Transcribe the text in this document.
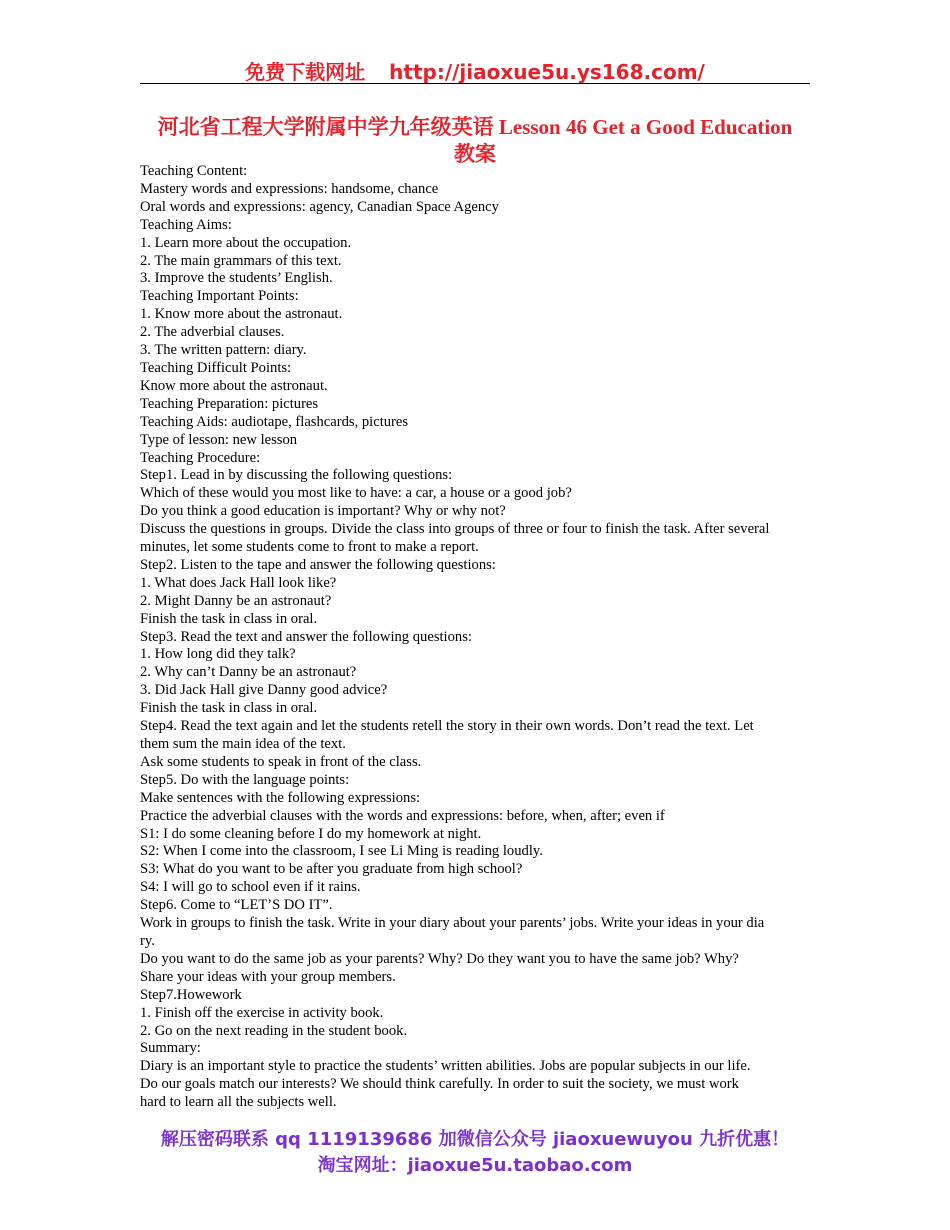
免费下载网址 http://jiaoxue5u.ys168.com/
河北省工程大学附属中学九年级英语 Lesson 46 Get a Good Education
教案
Teaching Content:
Mastery words and expressions: handsome, chance
Oral words and expressions: agency, Canadian Space Agency
Teaching Aims:
1. Learn more about the occupation.
2. The main grammars of this text.
3. Improve the students’ English.
Teaching Important Points:
1. Know more about the astronaut.
2. The adverbial clauses.
3. The written pattern: diary.
Teaching Difficult Points:
Know more about the astronaut.
Teaching Preparation: pictures
Teaching Aids: audiotape, flashcards, pictures
Type of lesson: new lesson
Teaching Procedure:
Step1. Lead in by discussing the following questions:
Which of these would you most like to have: a car, a house or a good job?
Do you think a good education is important? Why or why not?
Discuss the questions in groups. Divide the class into groups of three or four to finish the task. After several
minutes, let some students come to front to make a report.
Step2. Listen to the tape and answer the following questions:
1. What does Jack Hall look like?
2. Might Danny be an astronaut?
Finish the task in class in oral.
Step3. Read the text and answer the following questions:
1. How long did they talk?
2. Why can’t Danny be an astronaut?
3. Did Jack Hall give Danny good advice?
Finish the task in class in oral.
Step4. Read the text again and let the students retell the story in their own words. Don’t read the text. Let
them sum the main idea of the text.
Ask some students to speak in front of the class.
Step5. Do with the language points:
Make sentences with the following expressions:
Practice the adverbial clauses with the words and expressions: before, when, after; even if
S1: I do some cleaning before I do my homework at night.
S2: When I come into the classroom, I see Li Ming is reading loudly.
S3: What do you want to be after you graduate from high school?
S4: I will go to school even if it rains.
Step6. Come to “LET’S DO IT”.
Work in groups to finish the task. Write in your diary about your parents’ jobs. Write your ideas in your dia
ry.
Do you want to do the same job as your parents? Why? Do they want you to have the same job? Why?
Share your ideas with your group members.
Step7.Howework
1. Finish off the exercise in activity book.
2. Go on the next reading in the student book.
Summary:
Diary is an important style to practice the students’ written abilities. Jobs are popular subjects in our life.
Do our goals match our interests? We should think carefully. In order to suit the society, we must work
hard to learn all the subjects well.
解压密码联系 qq 1119139686 加微信公众号 jiaoxuewuyou 九折优惠！
淘宝网址：jiaoxue5u.taobao.com
